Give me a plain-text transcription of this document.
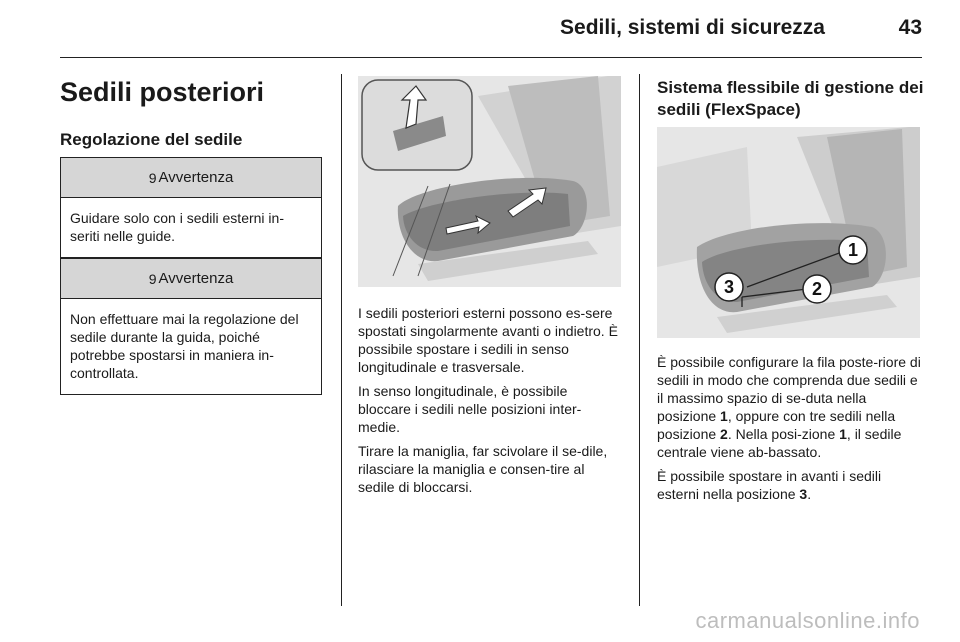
Sedili, sistemi di sicurezza	43
Sedili posteriori
Regolazione del sedile
9 Avvertenza
Guidare solo con i sedili esterni in-seriti nelle guide.
9 Avvertenza
Non effettuare mai la regolazione del sedile durante la guida, poiché potrebbe spostarsi in maniera in-controllata.

I sedili posteriori esterni possono es-sere spostati singolarmente avanti o indietro. È possibile spostare i sedili in senso longitudinale e trasversale.

In senso longitudinale, è possibile bloccare i sedili nelle posizioni inter-medie.

Tirare la maniglia, far scivolare il se-dile, rilasciare la maniglia e consen-tire al sedile di bloccarsi.

Sistema flessibile di gestione dei sedili (FlexSpace)
1
2
3

È possibile configurare la fila poste-riore di sedili in modo che comprenda due sedili e il massimo spazio di se-duta nella posizione 1, oppure con tre sedili nella posizione 2. Nella posi-zione 1, il sedile centrale viene ab-bassato.

È possibile spostare in avanti i sedili esterni nella posizione 3.

carmanualsonline.info
